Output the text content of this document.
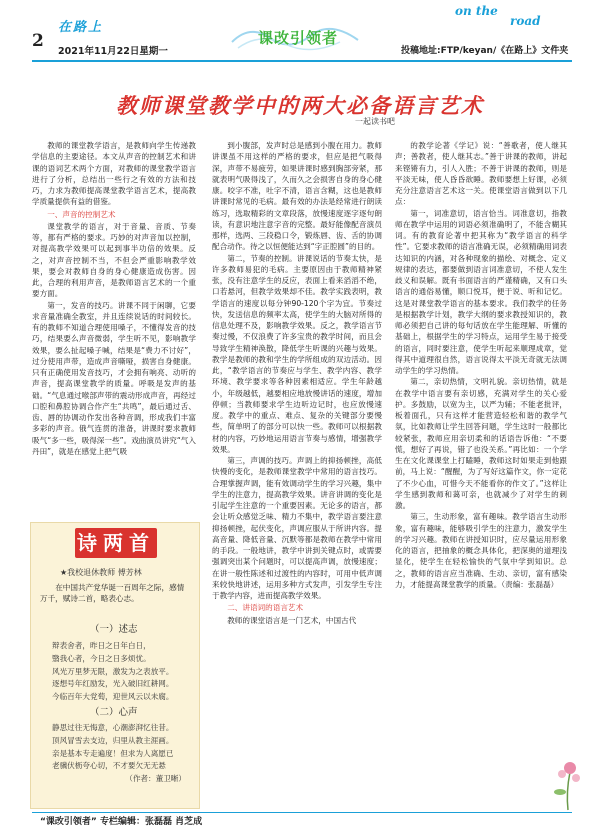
2
在路上
2021年11月22日星期一
课改引领者
on the
road
投稿地址:FTP/keyan/《在路上》文件夹
教师课堂教学中的两大必备语言艺术
一起读书吧

教师的课堂教学语言，是教师向学生传递教学信息的主要途径。本文从声音的控制艺术和讲课的语词艺术两个方面，对教师的课堂教学语言进行了分析，总结出一些行之有效的方法和技巧，力求为教师提高课堂教学语言艺术，提高教学质量提供有益的借鉴。

一、声音的控制艺术

课堂教学的语言，对于音量、音质、节奏等，都有严格的要求。巧妙的对声音加以控制，对提高教学效果可以起到事半功倍的效果。反之，对声音控制不当，不但会严重影响教学效果，要会对教师自身的身心健康造成伤害。因此，合理的利用声音，是教师语言艺术的一个重要方面。

第一，发音的技巧。讲课不同于闲聊，它要求音量准确全教室，并且连续说话的时间较长。有的教师不知道合理使用嗓子，不懂得发音的技巧，结果要么声音微弱，学生听不见，影响教学效果，要么扯起嗓子喊，结果是“费力不讨好”，过分使用声带，造成声音嘶哑，损害自身健康。只有正确使用发音技巧，才会拥有响亮、动听的声音，提高课堂教学的质量。呼吸是发声的基础。“气息通过喉部声带的震动形成声音，再经过口腔和鼻腔协调合作产生“共鸣”，最后通过舌、齿、唇的协调动作发出各种音调，形成我们丰富多彩的声音。俄气连贯的准备，讲课时要求教师吸气“多一些，吸得深一些”。戏曲演员讲究“气入丹田”，就是在感觉上把气吸

诗两首
★我校退休教师 傅芳林
在中国共产党华诞一百周年之际，感情万千，赋诗二首，略表心志。
（一）述志
辩表舍者，昨日之日年白日，
翳我心者，今日之日多烦忧。
风光万里梦无限，激发为之表放平。
逐想号年红励发，光入破旧红耕网。
今临百年大党萄，迎世风云以未腐。
（二）心声
静思过往无悔意，心潮澎湃忆往昔。
顶风冒雪去支边，归里从教主涯画。
亲是基本专走遍度！但求为人离愿已
老骥伏枥夸心切，不才要欠无无悬
（作者：董卫晰）

到小腹部，发声时总是感到小腹在用力。教师讲课虽不用这样的严格的要求，但应是把气吸得深，声带不易疲劳，如果讲课时感到胸部旁紧，那就表明气吸得浅了，久而久之会损害自身的身心健康。咬字不准，吐字不清，语言含糊，这也是教师讲课时常见的毛病。最有效的办法是经常进行朗读练习，选取精彩的文章段落，放慢速度逐字逐句朗读，有意识地注意字音的完整。最好能像配音演员那样，选两、三段稳口令，锻炼唇、齿、舌的协调配合动作。待之以恒便能达到“字正腔圆”的目的。

第二，节奏的控制。讲课说话的节奏太快，是许多教师易犯的毛病。主要原因由于教师精神紧张，没有注意学生的反应，表面上看来滔滔不绝，口若悬河，但教学效果却不佳。教学实践表明，教学语言的速度以每分钟90-120个字为宜。节奏过快，发送信息的频率太高，使学生的大脑对所得的信息处理不及，影响教学效果。反之，教学语言节奏过慢，不仅浪费了许多宝贵的教学时间，而且会导致学生精神涣散，降低学生听课的兴趣与效果。教学是教师的教和学生的学所组成的双边活动。因此，“教学语言的节奏应与学生、教学内容、教学环境、教学要求等各种因素相适应。学生年龄越小，年级越低，越要相应地放慢讲话的速度，增加停顿；当教师要求学生边听边记时，也应放慢速度。教学中的重点、难点、复杂的关键部分要慢些，简单明了的部分可以快一些。教师可以根据教材的内容，巧妙地运用语言节奏与感情，增强教学效果。

第三，声调的技巧。声调上的抑扬顿挫，高低快慢的变化，是教师课堂教学中常用的语言技巧。合理掌握声调，能有效调动学生的学习兴趣，集中学生的注意力，提高教学效果。讲音讲调的变化是引起学生注意的一个重要因素。无论多的语言，都会让听众感觉乏味、精力不集中，教学语言要注意抑扬顿挫，起伏变化，声调应服从于所讲内容。提高音量、降低音量、沉默等都是教师在教学中常用的手段。一般地讲，教学中讲到关键点时，或需要强调突出某个问题时，可以提高声调，放慢速度；在讲一般性陈述和过渡性的内容时，可用中低声调来较快地讲述，运用多种方式发声，引发学生专注于教学内容，进而提高教学效果。

二、讲语词的语言艺术

教师的课堂语言是一门艺术，中国古代

的教学论著《学记》说：“善歌者，使人继其声；善教者，使人继其志。”善于讲课的教师，讲起来铿锵有力，引人入胜；不善于讲课的教师，则是平淡无味，使人昏昏欲睡。教师要想上好课，必须充分注意语言艺术这一关。使课堂语言做到以下几点：

第一，词准意切，语言恰当。词准意切，指教师在教学中运用的词语必须准确明了，不能含糊其词。有的教育论著中把其称为“教学语言的科学性”。它要求教师的语言准确无误，必须精确用词表达知识的内涵，对各种现象的描绘、对概念、定义规律的表达，都要做到语言词准意切，不使人发生歧义和误解。既有书面语言的严谨精确，又有口头语言的通俗易懂，顺口悦耳，便于说、听和记忆。这是对课堂教学语言的基本要求。我们教学的任务是根据教学计划，教学大纲的要求教授知识的，教师必须把自己讲的每句话放在学生能理解、听懂的基础上，根据学生的学习特点，运用学生易于接受的语言，同时要注意，使学生听起来顺理成章，觉得其中道理很自然，语言说得太平淡无奇就无法调动学生的学习热情。

第二，亲切热情，文明礼貌。亲切热情，就是在教学中语言要有亲切感，充满对学生的关心爱护。多鼓励，以宽为主，以严为辅；不能老批评，板着面孔，只有这样才能营造轻松和谐的教学气氛，比如教师让学生回答问题，学生这时一般都比较紧张，教师应用亲切柔和的话语告诉他：“不要慌，想好了再说，错了也没关系。”再比如：一个学生在文化课课堂上打瞌睡，教师这时如果走到他跟前，马上说：“醒醒，为了写好这篇作文，你一定花了不少心血，可惜今天不能看你的作文了。”这样让学生感到教师和蔼可亲，也就减少了对学生的刺激。

第三，生动形象，富有趣味。教学语言生动形象，富有趣味，能够吸引学生的注意力，激发学生的学习兴趣。教师在讲授知识时，应尽量运用形象化的语言，把抽象的概念具体化，把深奥的道理浅显化，使学生在轻松愉快的气氛中学到知识。总之，教师的语言应当准确、生动、亲切，富有感染力，才能提高课堂教学的质量。（责编：张磊磊）

“课改引领者” 专栏编辑：张磊磊 肖芝成
